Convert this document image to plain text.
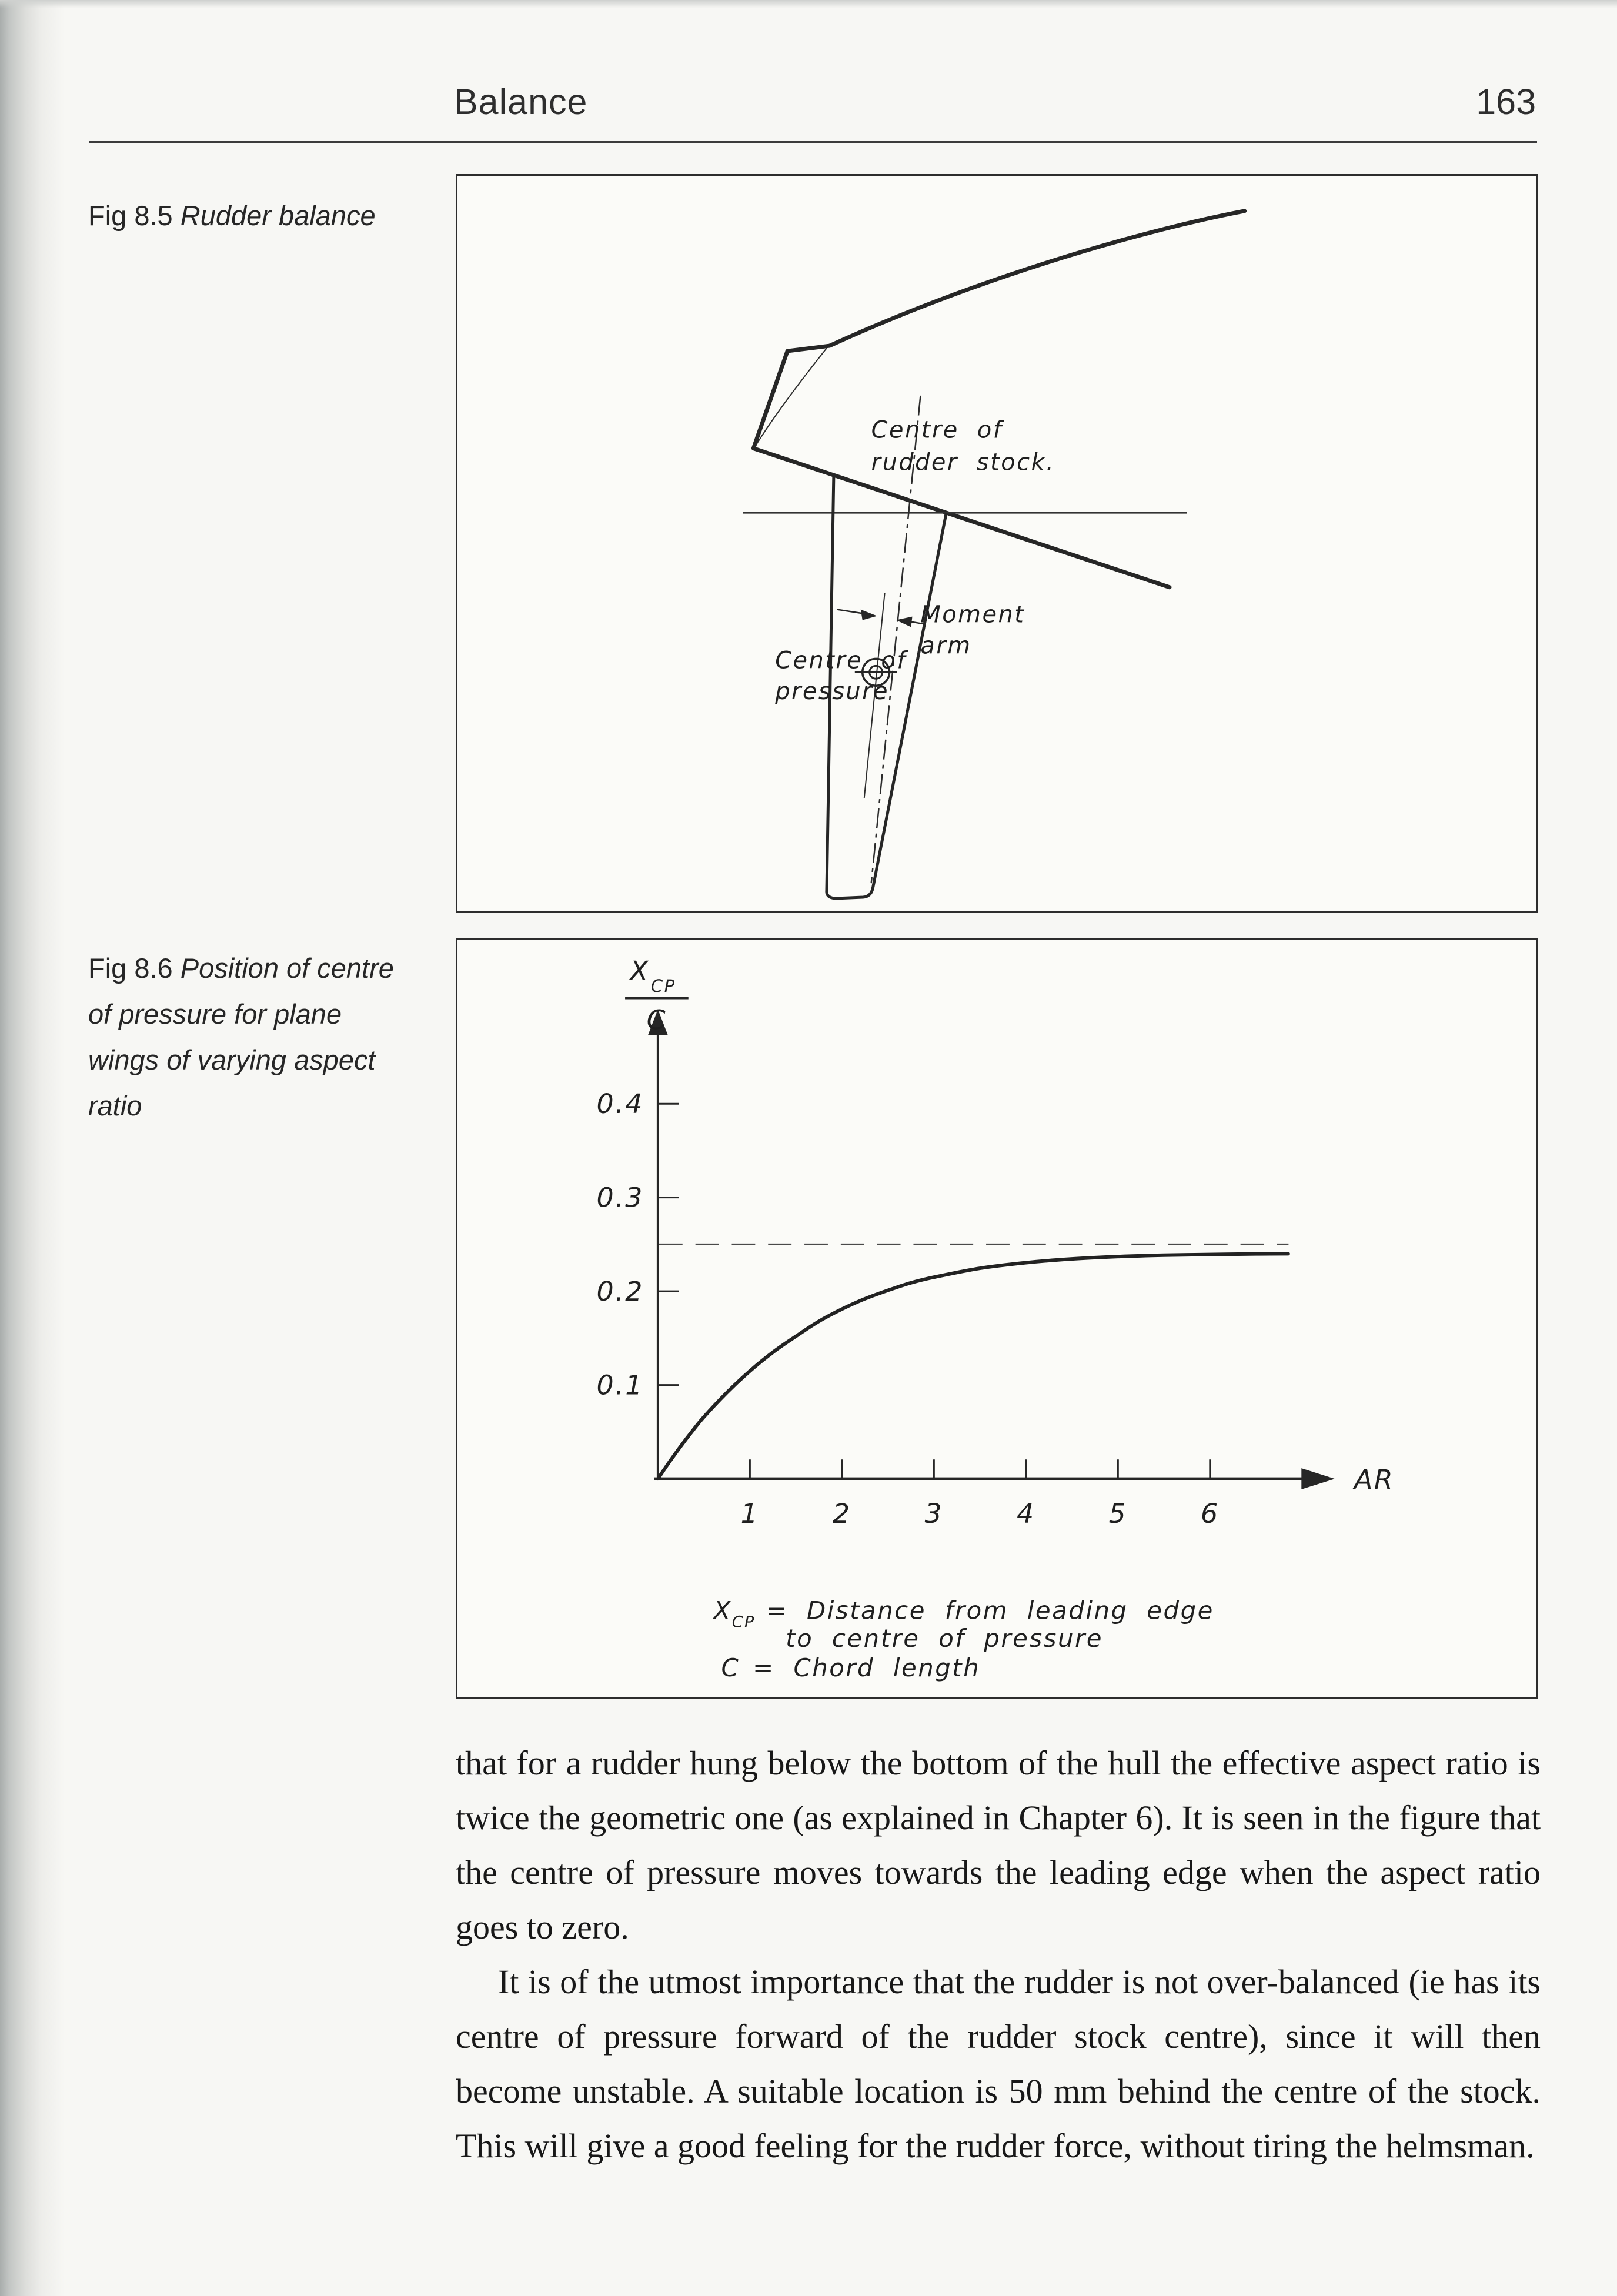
Balance	163
Fig 8.5 Rudder balance
Centre of
rudder stock.
Moment
arm
Centre of
pressure
Fig 8.6 Position of centre
of pressure for plane
wings of varying aspect
ratio
1	2	3	4	5	6
0.1
0.2
0.3
0.4
X CP
C
AR
$X_{CP}$ = Distance from leading edge
to centre of pressure
C = Chord length

that for a rudder hung below the bottom of the hull the effective aspect ratio is twice the geometric one (as explained in Chapter 6). It is seen in the figure that the centre of pressure moves towards the leading edge when the aspect ratio goes to zero.

It is of the utmost importance that the rudder is not over-balanced (ie has its centre of pressure forward of the rudder stock centre), since it will then become unstable. A suitable location is 50 mm behind the centre of the stock. This will give a good feeling for the rudder force, without tiring the helmsman.
